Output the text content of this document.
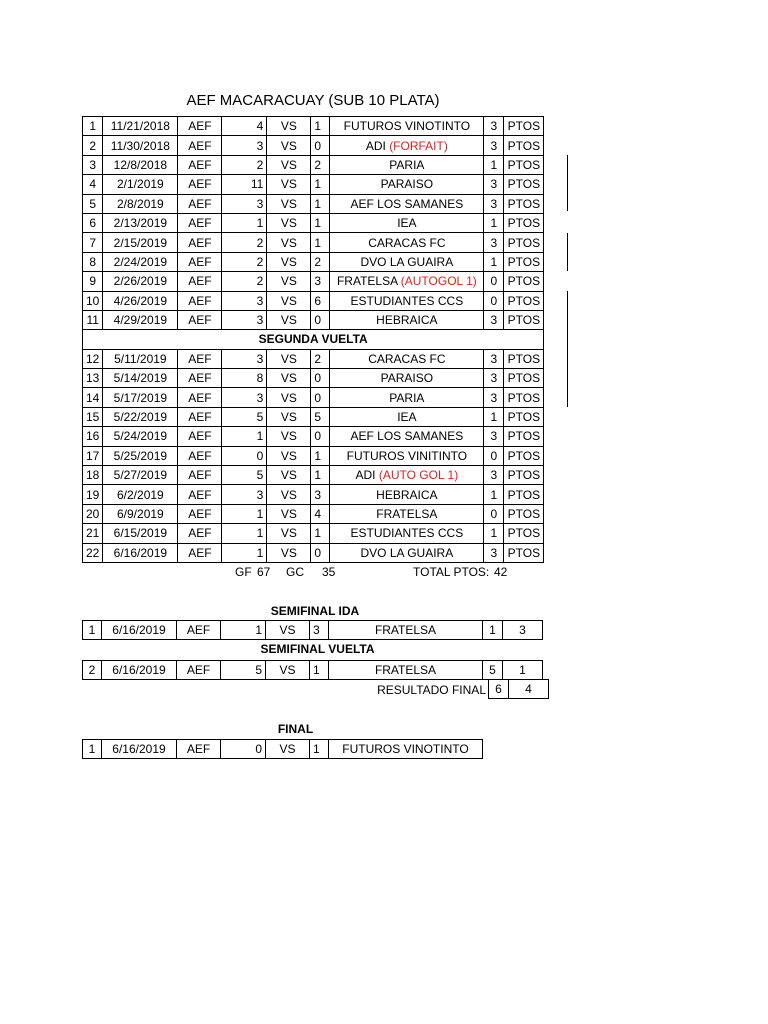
AEF MACARACUAY (SUB 10 PLATA)
1	11/21/2018	AEF	4	VS	1	FUTUROS VINOTINTO	3	PTOS
2	11/30/2018	AEF	3	VS	0	ADI (FORFAIT)	3	PTOS
3	12/8/2018	AEF	2	VS	2	PARIA	1	PTOS
4	2/1/2019	AEF	11	VS	1	PARAISO	3	PTOS
5	2/8/2019	AEF	3	VS	1	AEF LOS SAMANES	3	PTOS
6	2/13/2019	AEF	1	VS	1	IEA	1	PTOS
7	2/15/2019	AEF	2	VS	1	CARACAS FC	3	PTOS
8	2/24/2019	AEF	2	VS	2	DVO LA GUAIRA	1	PTOS
9	2/26/2019	AEF	2	VS	3	FRATELSA (AUTOGOL 1)	0	PTOS
10	4/26/2019	AEF	3	VS	6	ESTUDIANTES CCS	0	PTOS
11	4/29/2019	AEF	3	VS	0	HEBRAICA	3	PTOS
SEGUNDA VUELTA								
12	5/11/2019	AEF	3	VS	2	CARACAS FC	3	PTOS
13	5/14/2019	AEF	8	VS	0	PARAISO	3	PTOS
14	5/17/2019	AEF	3	VS	0	PARIA	3	PTOS
15	5/22/2019	AEF	5	VS	5	IEA	1	PTOS
16	5/24/2019	AEF	1	VS	0	AEF LOS SAMANES	3	PTOS
17	5/25/2019	AEF	0	VS	1	FUTUROS VINITINTO	0	PTOS
18	5/27/2019	AEF	5	VS	1	ADI (AUTO GOL 1)	3	PTOS
19	6/2/2019	AEF	3	VS	3	HEBRAICA	1	PTOS
20	6/9/2019	AEF	1	VS	4	FRATELSA	0	PTOS
21	6/15/2019	AEF	1	VS	1	ESTUDIANTES CCS	1	PTOS
22	6/16/2019	AEF	1	VS	0	DVO LA GUAIRA	3	PTOS
GF 67 GC 35	TOTAL PTOS: 42
SEMIFINAL IDA
1	6/16/2019	AEF	1	VS	3	FRATELSA	1	3
SEMIFINAL VUELTA
2	6/16/2019	AEF	5	VS	1	FRATELSA	5	1
RESULTADO FINAL 6	4
FINAL
1	6/16/2019	AEF	0	VS	1	FUTUROS VINOTINTO
